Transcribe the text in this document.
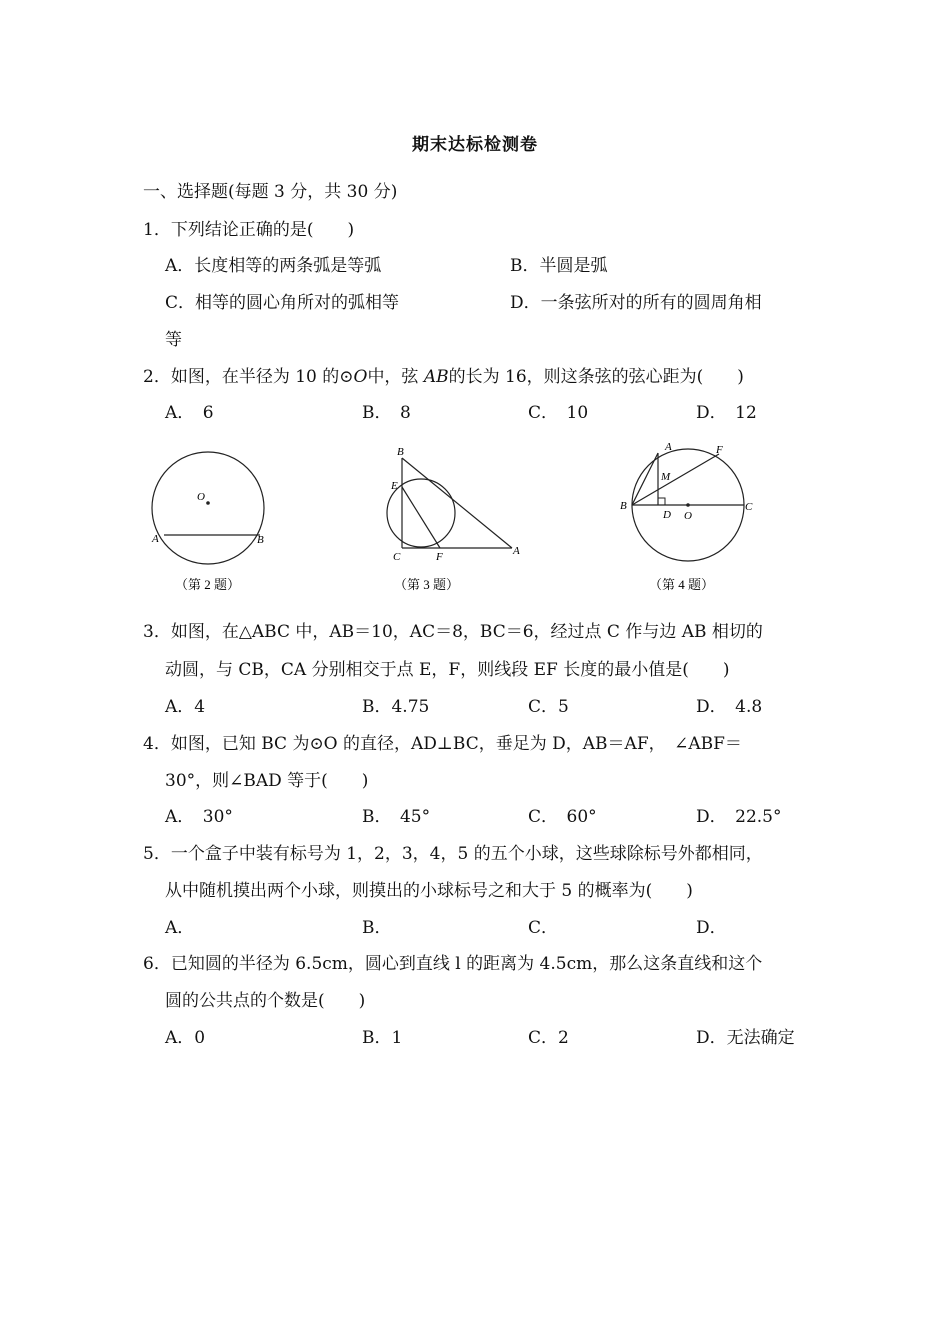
期末达标检测卷
一、选择题(每题 3 分，共 30 分)
1．下列结论正确的是(　　)
A．长度相等的两条弧是等弧	B．半圆是弧
C．相等的圆心角所对的弧相等	D．一条弦所对的所有的圆周角相
等
2．如图，在半径为 10 的⊙O中，弦 AB的长为 16，则这条弦的弦心距为(　　)
A．　6	B．　8	C．　10	D．　12
O
A	B
（第 2 题）
B
E
C	F	A
（第 3 题）
A	F
M
B
D O
C
（第 4 题）
3．如图，在△ABC 中，AB＝10，AC＝8，BC＝6，经过点 C 作与边 AB 相切的
动圆，与 CB，CA 分别相交于点 E，F，则线段 EF 长度的最小值是(　　)
A．4	B．4.75	C．5	D．　4.8
4．如图，已知 BC 为⊙O 的直径，AD⊥BC，垂足为 D，AB＝AF，　∠ABF＝
30°，则∠BAD 等于(　　)
A．　30°	B．　45°	C．　60°	D．　22.5°
5．一个盒子中装有标号为 1，2，3，4，5 的五个小球，这些球除标号外都相同，
从中随机摸出两个小球，则摸出的小球标号之和大于 5 的概率为(　　)
A．	B．	C．	D．
6．已知圆的半径为 6.5cm，圆心到直线 l 的距离为 4.5cm，那么这条直线和这个
圆的公共点的个数是(　　)
A．0	B．1	C．2	D．无法确定
